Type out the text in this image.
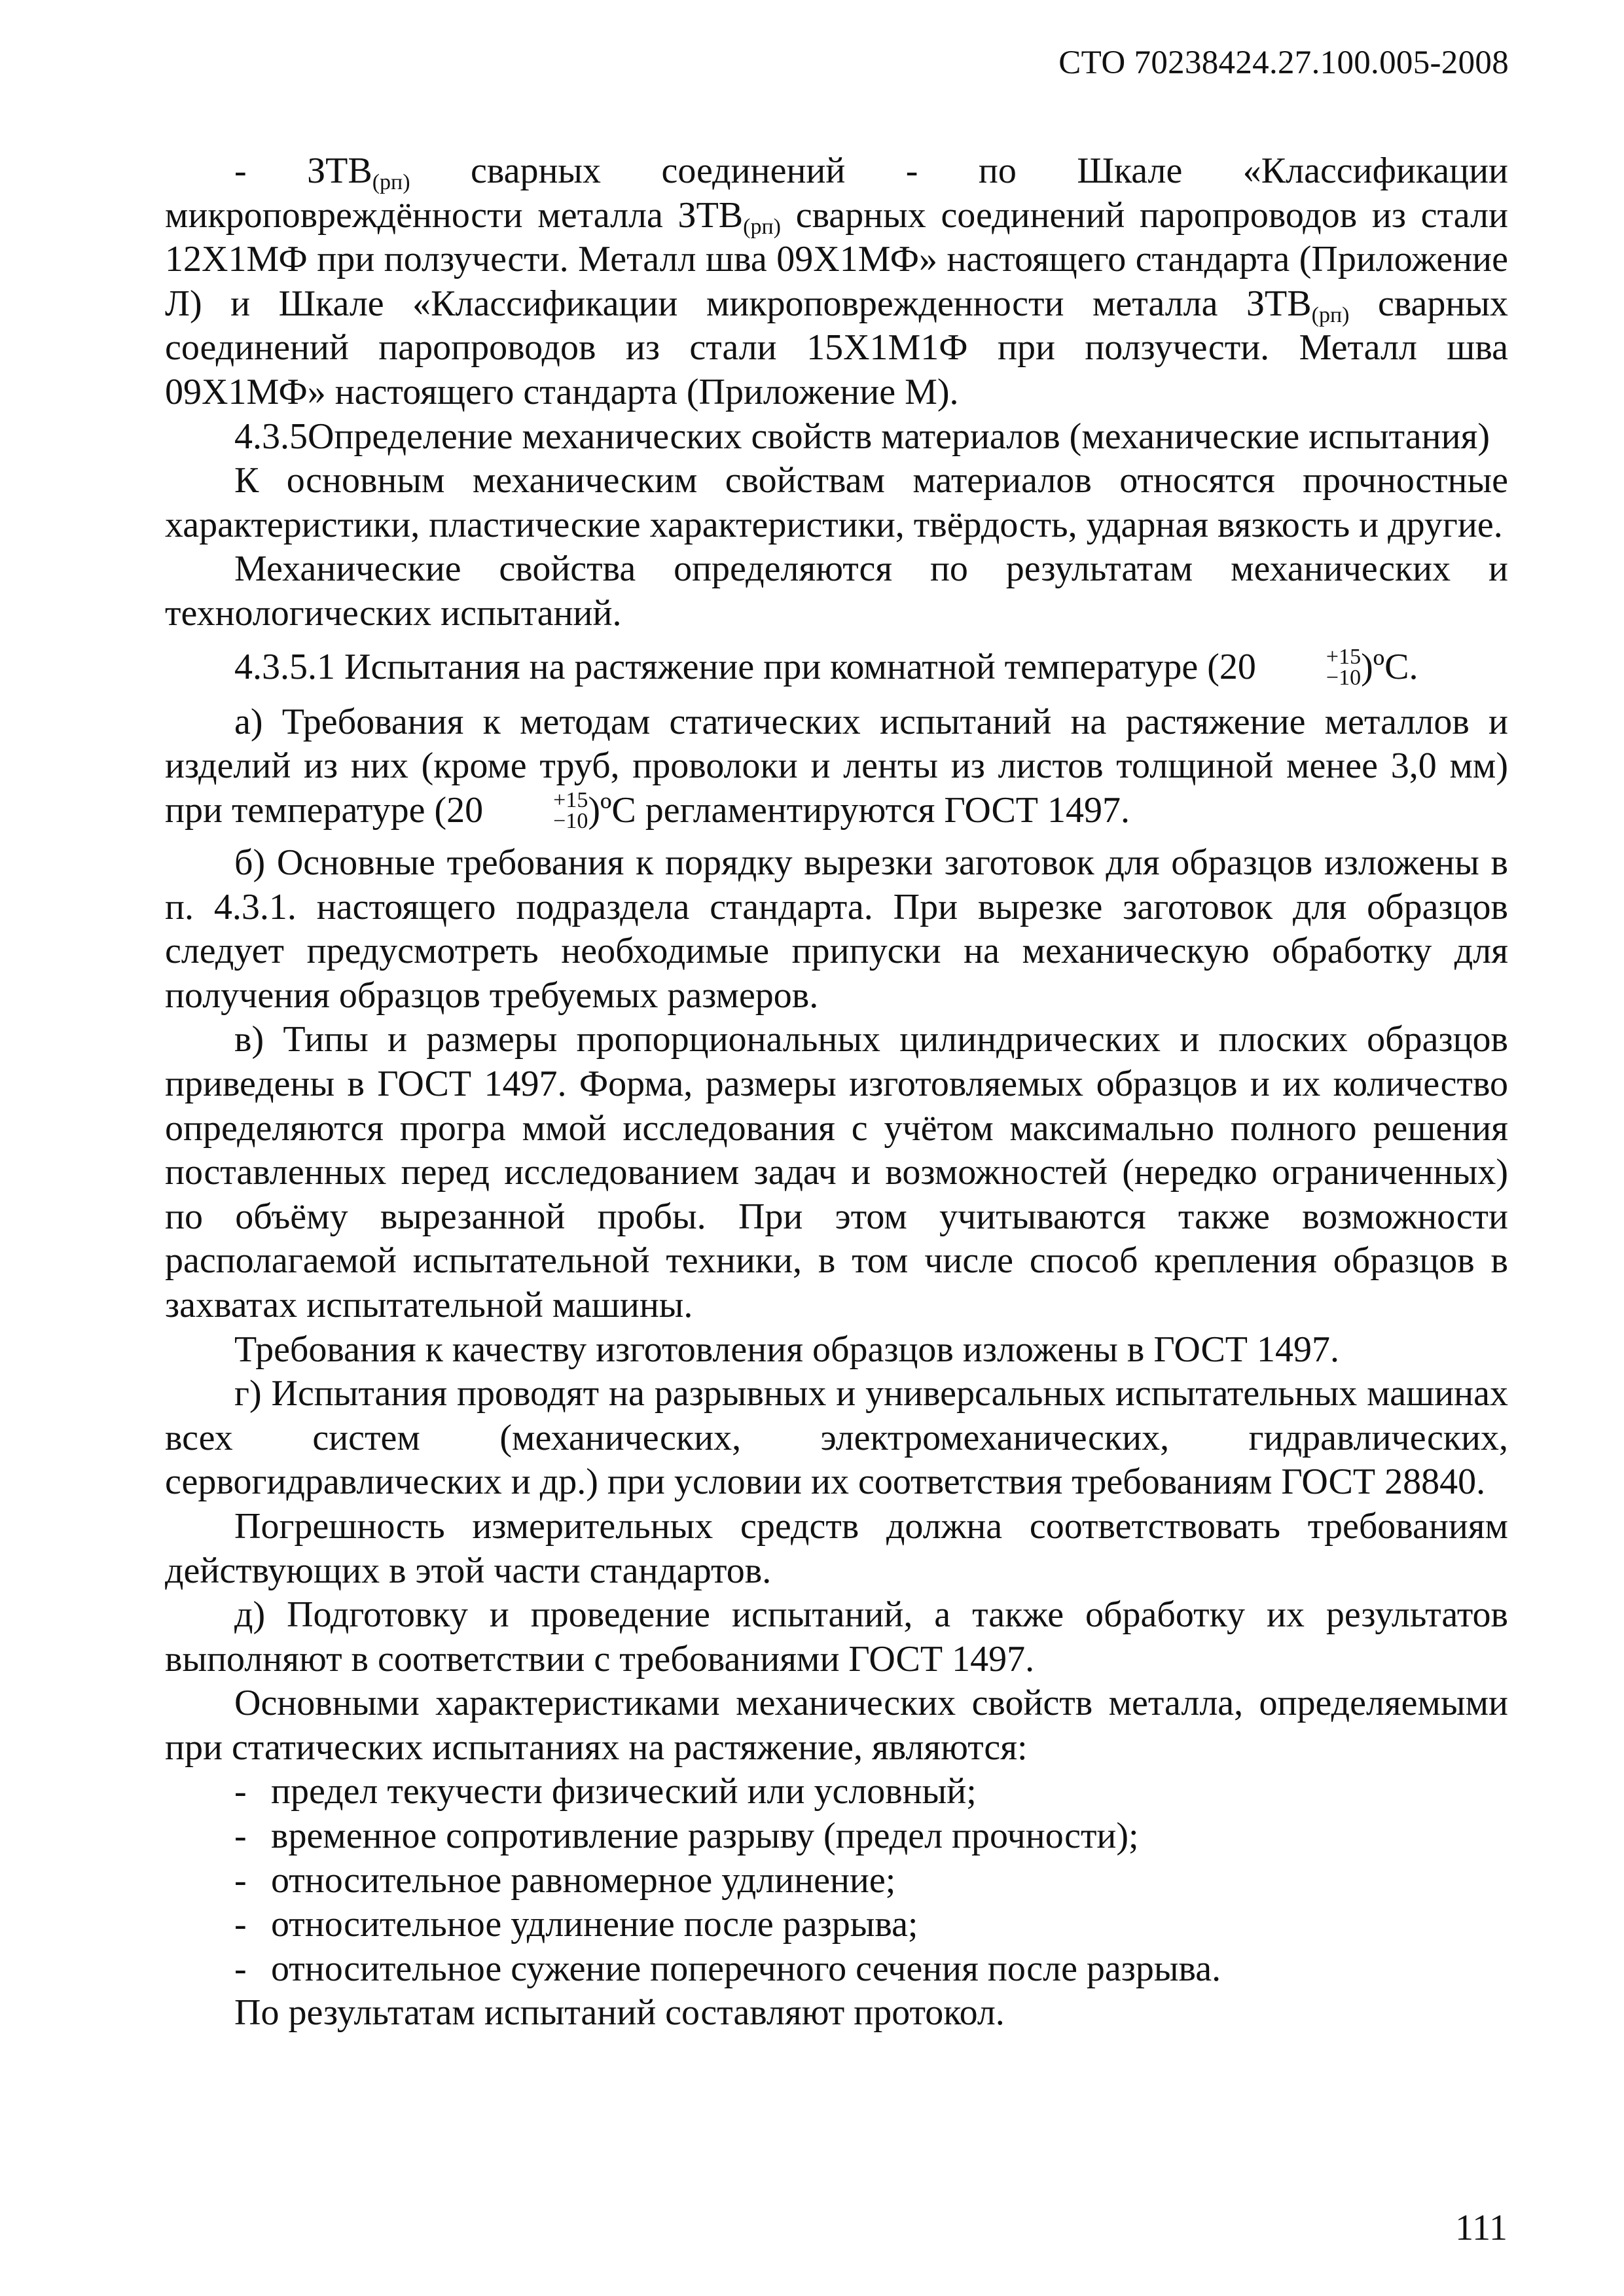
СТО 70238424.27.100.005-2008

- $ЗТВ_{(рп)}$ сварных соединений - по Шкале «Классификации микроповреждённости металла $ЗТВ_{(рп)}$ сварных соединений паропроводов из стали 12Х1МФ при ползучести. Металл шва 09Х1МФ» настоящего стандарта (Приложение Л) и Шкале «Классификации микроповрежденности металла $ЗТВ_{(рп)}$ сварных соединений паропроводов из стали 15Х1М1Ф при ползучести. Металл шва 09Х1МФ» настоящего стандарта (Приложение М).

4.3.5Определение механических свойств материалов (механические испытания)

К основным механическим свойствам материалов относятся прочностные характеристики, пластические характеристики, твёрдость, ударная вязкость и другие.

Механические свойства определяются по результатам механических и технологических испытаний.

4.3.5.1 Испытания на растяжение при комнатной температуре (20	+15
−10 )ºС.

а) Требования к методам статических испытаний на растяжение металлов и изделий из них (кроме труб, проволоки и ленты из листов толщиной менее 3,0 мм) при температуре (20	+15
−10 )ºС регламентируются ГОСТ 1497.

б) Основные требования к порядку вырезки заготовок для образцов изложены в п. 4.3.1. настоящего подраздела стандарта. При вырезке заготовок для образцов следует предусмотреть необходимые припуски на механическую обработку для получения образцов требуемых размеров.

в) Типы и размеры пропорциональных цилиндрических и плоских образцов приведены в ГОСТ 1497. Форма, размеры изготовляемых образцов и их количество определяются програ ммой исследования с учётом максимально полного решения поставленных перед исследованием задач и возможностей (нередко ограниченных) по объёму вырезанной пробы. При этом учитываются также возможности располагаемой испытательной техники, в том числе способ крепления образцов в захватах испытательной машины.

Требования к качеству изготовления образцов изложены в ГОСТ 1497.

г) Испытания проводят на разрывных и универсальных испытательных машинах всех систем (механических, электромеханических, гидравлических, сервогидравлических и др.) при условии их соответствия требованиям ГОСТ 28840.

Погрешность измерительных средств должна соответствовать требованиям действующих в этой части стандартов.

д) Подготовку и проведение испытаний, а также обработку их результатов выполняют в соответствии с требованиями ГОСТ 1497.

Основными характеристиками механических свойств металла, определяемыми при статических испытаниях на растяжение, являются:

- предел текучести физический или условный;
- временное сопротивление разрыву (предел прочности);
- относительное равномерное удлинение;
- относительное удлинение после разрыва;
- относительное сужение поперечного сечения после разрыва.

По результатам испытаний составляют протокол.

111
